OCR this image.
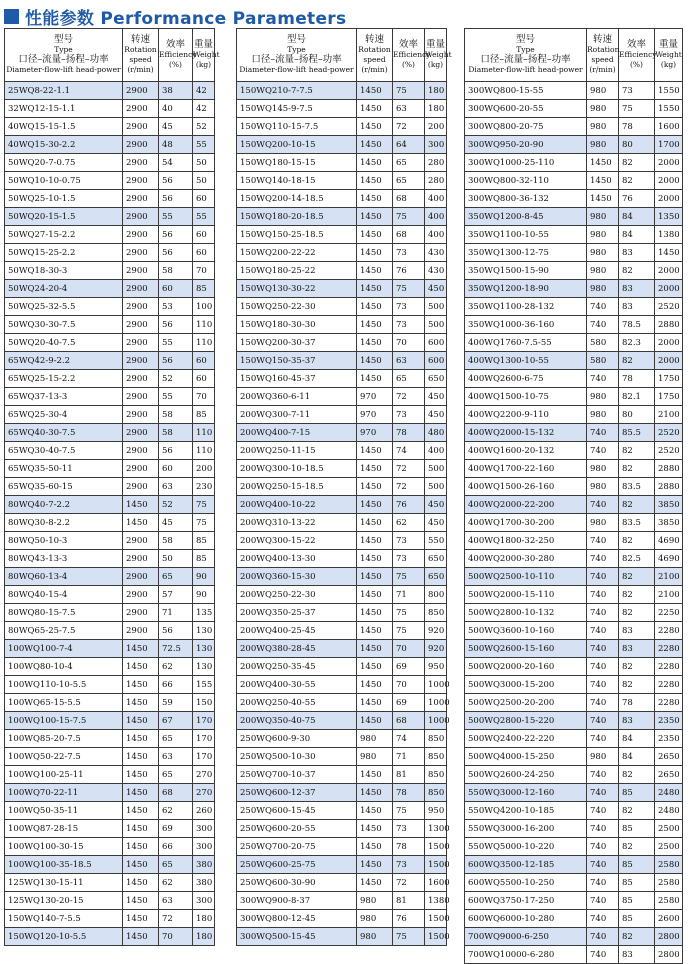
性能参数 Performance Parameters
型号
Type
口径–流量–扬程–功率
Diameter-flow-lift head-power	转速
Rotation speed
(r/min)	效率
Efficiency
(%)	重量
Weight
(kg)

25WQ8-22-1.1	2900	38	42
32WQ12-15-1.1	2900	40	42
40WQ15-15-1.5	2900	45	52
40WQ15-30-2.2	2900	48	55
50WQ20-7-0.75	2900	54	50
50WQ10-10-0.75	2900	56	50
50WQ25-10-1.5	2900	56	60
50WQ20-15-1.5	2900	55	55
50WQ27-15-2.2	2900	56	60
50WQ15-25-2.2	2900	56	60
50WQ18-30-3	2900	58	70
50WQ24-20-4	2900	60	85
50WQ25-32-5.5	2900	53	100
50WQ30-30-7.5	2900	56	110
50WQ20-40-7.5	2900	55	110
65WQ42-9-2.2	2900	56	60
65WQ25-15-2.2	2900	52	60
65WQ37-13-3	2900	55	70
65WQ25-30-4	2900	58	85
65WQ40-30-7.5	2900	58	110
65WQ30-40-7.5	2900	56	110
65WQ35-50-11	2900	60	200
65WQ35-60-15	2900	63	230
80WQ40-7-2.2	1450	52	75
80WQ30-8-2.2	1450	45	75
80WQ50-10-3	2900	58	85
80WQ43-13-3	2900	50	85
80WQ60-13-4	2900	65	90
80WQ40-15-4	2900	57	90
80WQ80-15-7.5	2900	71	135
80WQ65-25-7.5	2900	56	130
100WQ100-7-4	1450	72.5	130
100WQ80-10-4	1450	62	130
100WQ110-10-5.5	1450	66	155
100WQ65-15-5.5	1450	59	150
100WQ100-15-7.5	1450	67	170
100WQ85-20-7.5	1450	65	170
100WQ50-22-7.5	1450	63	170
100WQ100-25-11	1450	65	270
100WQ70-22-11	1450	68	270
100WQ50-35-11	1450	62	260
100WQ87-28-15	1450	69	300
100WQ100-30-15	1450	66	300
100WQ100-35-18.5	1450	65	380
125WQ130-15-11	1450	62	380
125WQ130-20-15	1450	63	300
150WQ140-7-5.5	1450	72	180
150WQ120-10-5.5	1450	70	180
型号
Type
口径–流量–扬程–功率
Diameter-flow-lift head-power	转速
Rotation speed
(r/min)	效率
Efficiency
(%)	重量
Weight
(kg)

150WQ210-7-7.5	1450	75	180
150WQ145-9-7.5	1450	63	180
150WQ110-15-7.5	1450	72	200
150WQ200-10-15	1450	64	300
150WQ180-15-15	1450	65	280
150WQ140-18-15	1450	65	280
150WQ200-14-18.5	1450	68	400
150WQ180-20-18.5	1450	75	400
150WQ150-25-18.5	1450	68	400
150WQ200-22-22	1450	73	430
150WQ180-25-22	1450	76	430
150WQ130-30-22	1450	75	450
150WQ250-22-30	1450	73	500
150WQ180-30-30	1450	73	500
150WQ200-30-37	1450	70	600
150WQ150-35-37	1450	63	600
150WQ160-45-37	1450	65	650
200WQ360-6-11	970	72	450
200WQ300-7-11	970	73	450
200WQ400-7-15	970	78	480
200WQ250-11-15	1450	74	400
200WQ300-10-18.5	1450	72	500
200WQ250-15-18.5	1450	72	500
200WQ400-10-22	1450	76	450
200WQ310-13-22	1450	62	450
200WQ300-15-22	1450	73	550
200WQ400-13-30	1450	73	650
200WQ360-15-30	1450	75	650
200WQ250-22-30	1450	71	800
200WQ350-25-37	1450	75	850
200WQ400-25-45	1450	75	920
200WQ380-28-45	1450	70	920
200WQ250-35-45	1450	69	950
200WQ400-30-55	1450	70	1000
200WQ250-40-55	1450	69	1000
200WQ350-40-75	1450	68	1000
250WQ600-9-30	980	74	850
250WQ500-10-30	980	71	850
250WQ700-10-37	1450	81	850
250WQ600-12-37	1450	78	850
250WQ600-15-45	1450	75	950
250WQ600-20-55	1450	73	1300
250WQ700-20-75	1450	78	1500
250WQ600-25-75	1450	73	1500
250WQ600-30-90	1450	72	1600
300WQ900-8-37	980	81	1380
300WQ800-12-45	980	76	1500
300WQ500-15-45	980	75	1500
型号
Type
口径–流量–扬程–功率
Diameter-flow-lift head-power	转速
Rotation speed
(r/min)	效率
Efficiency
(%)	重量
Weight
(kg)

300WQ800-15-55	980	73	1550
300WQ600-20-55	980	75	1550
300WQ800-20-75	980	78	1600
300WQ950-20-90	980	80	1700
300WQ1000-25-110	1450	82	2000
300WQ800-32-110	1450	82	2000
300WQ800-36-132	1450	76	2000
350WQ1200-8-45	980	84	1350
350WQ1100-10-55	980	84	1380
350WQ1300-12-75	980	83	1450
350WQ1500-15-90	980	82	2000
350WQ1200-18-90	980	83	2000
350WQ1100-28-132	740	83	2520
350WQ1000-36-160	740	78.5	2880
400WQ1760-7.5-55	580	82.3	2000
400WQ1300-10-55	580	82	2000
400WQ2600-6-75	740	78	1750
400WQ1500-10-75	980	82.1	1750
400WQ2200-9-110	980	80	2100
400WQ2000-15-132	740	85.5	2520
400WQ1600-20-132	740	82	2520
400WQ1700-22-160	980	82	2880
400WQ1500-26-160	980	83.5	2880
400WQ2000-22-200	740	82	3850
400WQ1700-30-200	980	83.5	3850
400WQ1800-32-250	740	82	4690
400WQ2000-30-280	740	82.5	4690
500WQ2500-10-110	740	82	2100
500WQ2000-15-110	740	82	2100
500WQ2800-10-132	740	82	2250
500WQ3600-10-160	740	83	2280
500WQ2600-15-160	740	83	2280
500WQ2000-20-160	740	82	2280
500WQ3000-15-200	740	82	2280
500WQ2500-20-200	740	78	2280
500WQ2800-15-220	740	83	2350
500WQ2400-22-220	740	84	2350
500WQ4000-15-250	980	84	2650
500WQ2600-24-250	740	82	2650
550WQ3000-12-160	740	85	2480
550WQ4200-10-185	740	82	2480
550WQ3000-16-200	740	85	2500
550WQ5000-10-220	740	82	2500
600WQ3500-12-185	740	85	2580
600WQ5500-10-250	740	85	2580
600WQ3750-17-250	740	85	2580
600WQ6000-10-280	740	85	2600
700WQ9000-6-250	740	82	2800
700WQ10000-6-280	740	83	2800
